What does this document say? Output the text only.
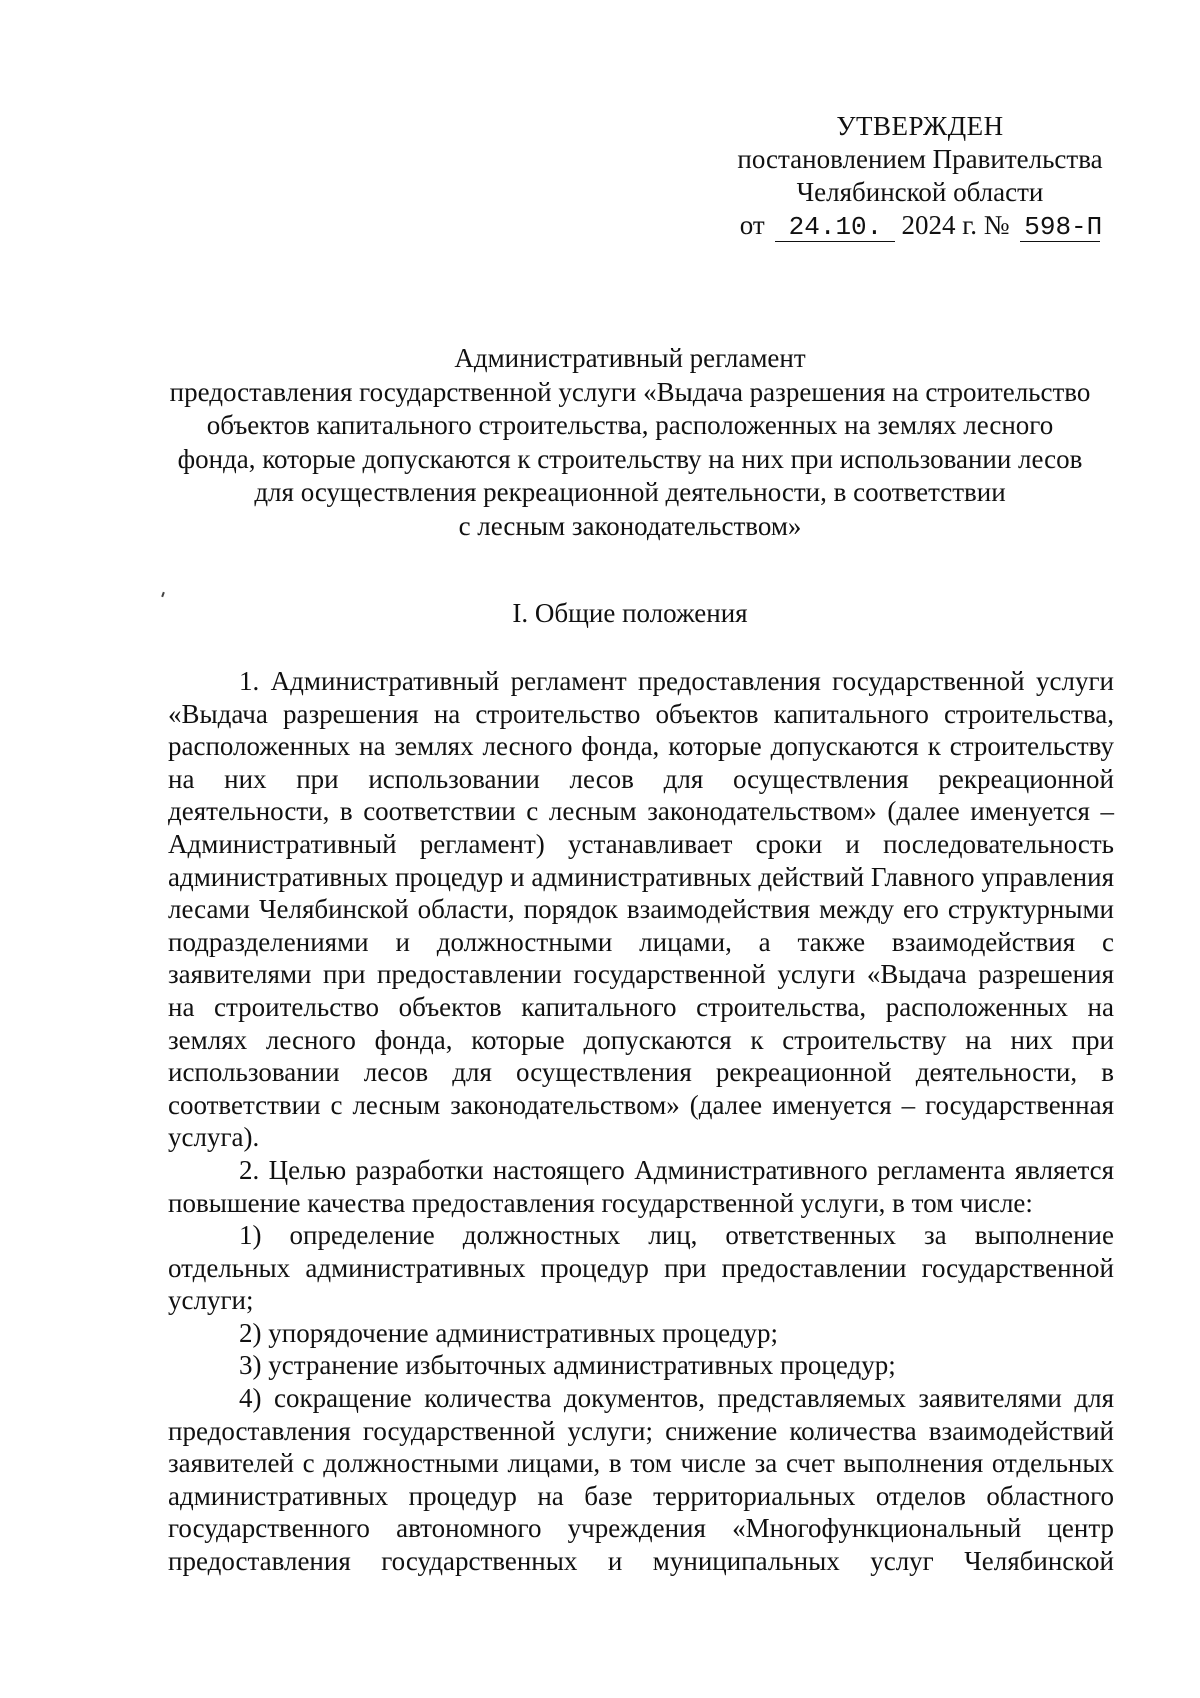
УТВЕРЖДЕН
постановлением Правительства
Челябинской области
от 24.10. 2024 г. № 598-П
Административный регламент
предоставления государственной услуги «Выдача разрешения на строительство
объектов капитального строительства, расположенных на землях лесного
фонда, которые допускаются к строительству на них при использовании лесов
для осуществления рекреационной деятельности, в соответствии
с лесным законодательством»
I. Общие положения

1. Административный регламент предоставления государственной услуги «Выдача разрешения на строительство объектов капитального строительства, расположенных на землях лесного фонда, которые допускаются к строительству на них при использовании лесов для осуществления рекреационной деятельности, в соответствии с лесным законодательством» (далее именуется – Административный регламент) устанавливает сроки и последовательность административных процедур и административных действий Главного управления лесами Челябинской области, порядок взаимодействия между его структурными подразделениями и должностными лицами, а также взаимодействия с заявителями при предоставлении государственной услуги «Выдача разрешения на строительство объектов капитального строительства, расположенных на землях лесного фонда, которые допускаются к строительству на них при использовании лесов для осуществления рекреационной деятельности, в соответствии с лесным законодательством» (далее именуется – государственная услуга).

2. Целью разработки настоящего Административного регламента является повышение качества предоставления государственной услуги, в том числе:

1) определение должностных лиц, ответственных за выполнение отдельных административных процедур при предоставлении государственной услуги;

2) упорядочение административных процедур;

3) устранение избыточных административных процедур;

4) сокращение количества документов, представляемых заявителями для предоставления государственной услуги; снижение количества взаимодействий заявителей с должностными лицами, в том числе за счет выполнения отдельных административных процедур на базе территориальных отделов областного государственного автономного учреждения «Многофункциональный центр предоставления государственных и муниципальных услуг Челябинской
